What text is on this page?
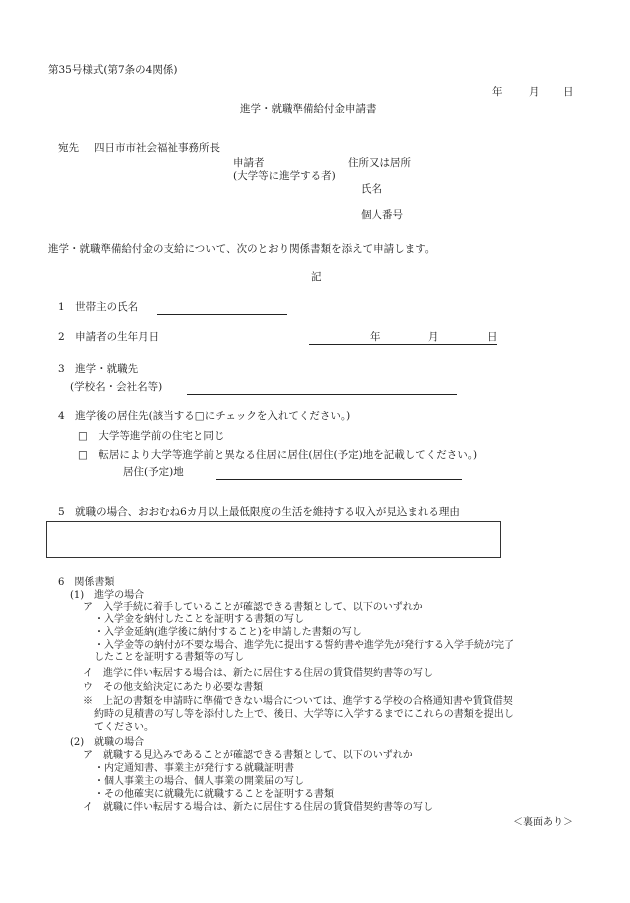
第35号様式(第7条の4関係)
年	月 日
進学・就職準備給付金申請書
宛先 四日市市社会福祉事務所長
申請者	住所又は居所
(大学等に進学する者)
氏名
個人番号
進学・就職準備給付金の支給について、次のとおり関係書類を添えて申請します。
記
1　世帯主の氏名
2　申請者の生年月日	年	月	日
3　進学・就職先
(学校名・会社名等)
4　進学後の居住先(該当する□にチェックを入れてください。)
□　大学等進学前の住宅と同じ
□　転居により大学等進学前と異なる住居に居住(居住(予定)地を記載してください。)
居住(予定)地
5　就職の場合、おおむね6カ月以上最低限度の生活を維持する収入が見込まれる理由
6　関係書類
(1)　進学の場合
ア　入学手続に着手していることが確認できる書類として、以下のいずれか
・入学金を納付したことを証明する書類の写し
・入学金延納(進学後に納付すること)を申請した書類の写し
・入学金等の納付が不要な場合、進学先に提出する誓約書や進学先が発行する入学手続が完了
したことを証明する書類等の写し
イ　進学に伴い転居する場合は、新たに居住する住居の賃貸借契約書等の写し
ウ　その他支給決定にあたり必要な書類
※　上記の書類を申請時に準備できない場合については、進学する学校の合格通知書や賃貸借契
約時の見積書の写し等を添付した上で、後日、大学等に入学するまでにこれらの書類を提出し
てください。
(2)　就職の場合
ア　就職する見込みであることが確認できる書類として、以下のいずれか
・内定通知書、事業主が発行する就職証明書
・個人事業主の場合、個人事業の開業届の写し
・その他確実に就職先に就職することを証明する書類
イ　就職に伴い転居する場合は、新たに居住する住居の賃貸借契約書等の写し
＜裏面あり＞
